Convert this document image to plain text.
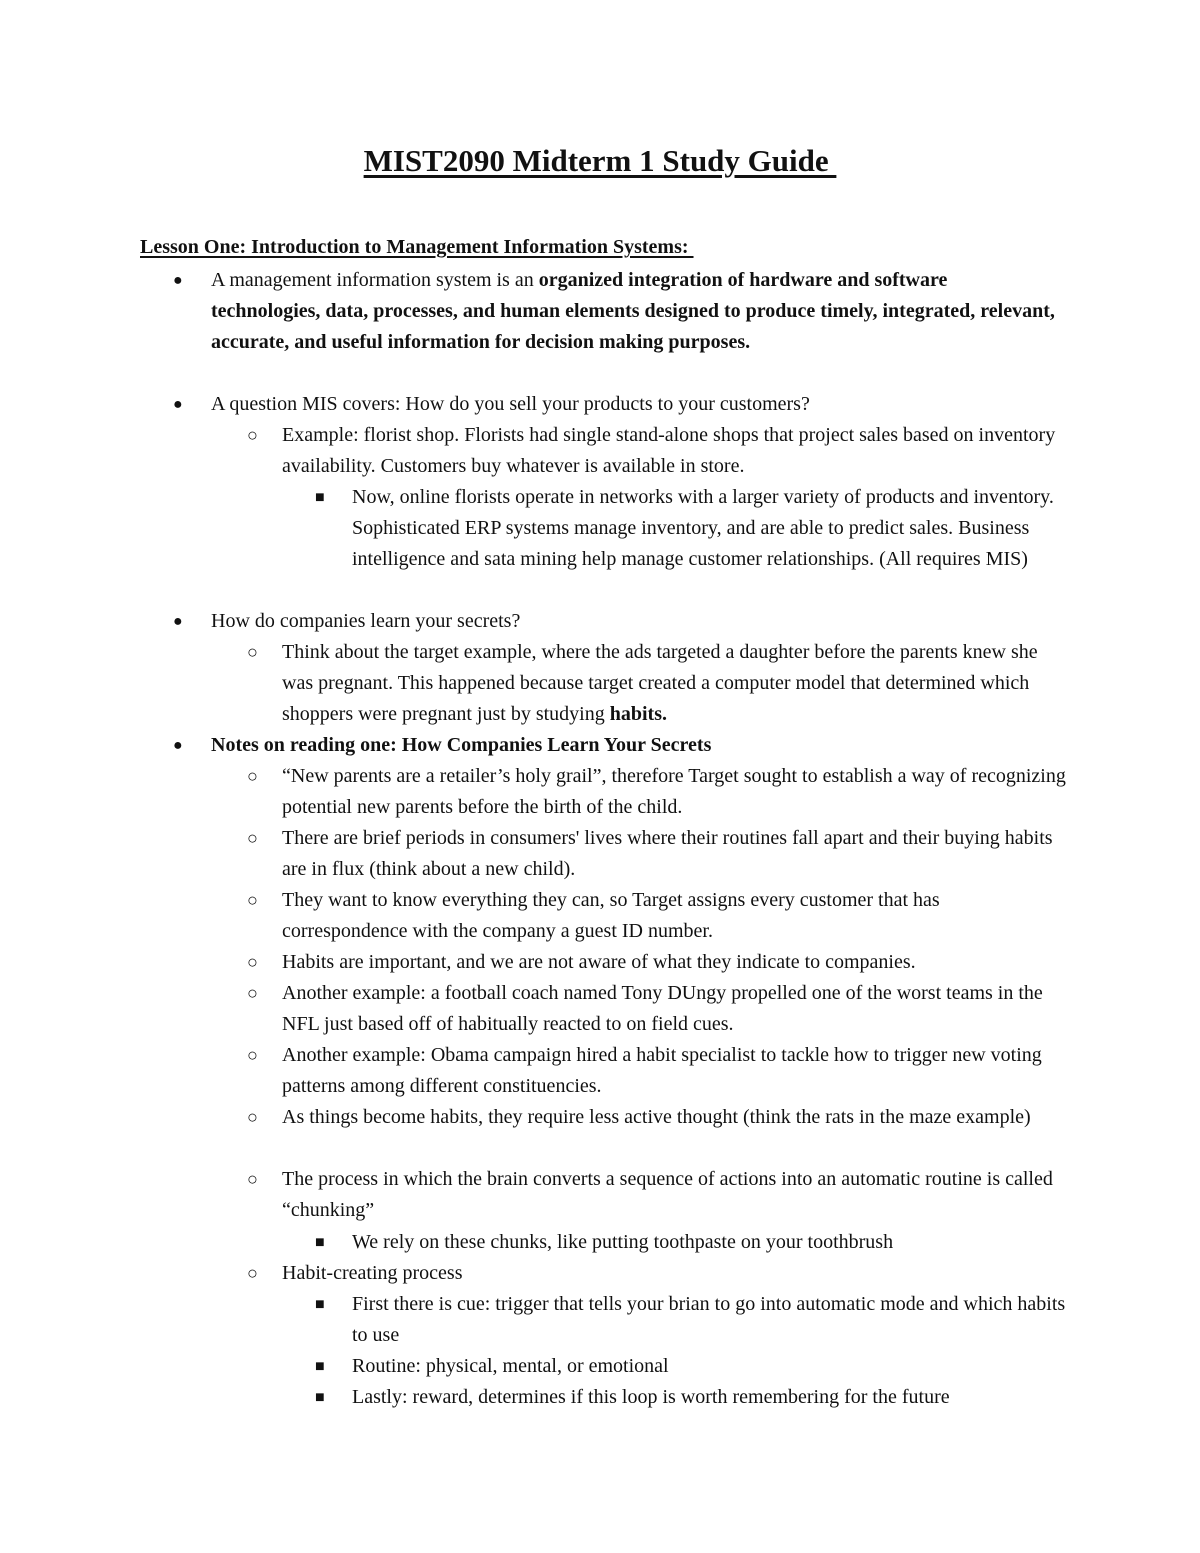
MIST2090 Midterm 1 Study Guide
Lesson One: Introduction to Management Information Systems:
● A management information system is an organized integration of hardware and software technologies, data, processes, and human elements designed to produce timely, integrated, relevant, accurate, and useful information for decision making purposes.
● A question MIS covers: How do you sell your products to your customers?
○ Example: florist shop. Florists had single stand-alone shops that project sales based on inventory availability. Customers buy whatever is available in store.
■ Now, online florists operate in networks with a larger variety of products and inventory. Sophisticated ERP systems manage inventory, and are able to predict sales. Business intelligence and sata mining help manage customer relationships. (All requires MIS)
● How do companies learn your secrets?
○ Think about the target example, where the ads targeted a daughter before the parents knew she was pregnant. This happened because target created a computer model that determined which shoppers were pregnant just by studying habits.
● Notes on reading one: How Companies Learn Your Secrets
○ “New parents are a retailer’s holy grail”, therefore Target sought to establish a way of recognizing potential new parents before the birth of the child.
○ There are brief periods in consumers' lives where their routines fall apart and their buying habits are in flux (think about a new child).
○ They want to know everything they can, so Target assigns every customer that has correspondence with the company a guest ID number.
○ Habits are important, and we are not aware of what they indicate to companies.
○ Another example: a football coach named Tony DUngy propelled one of the worst teams in the NFL just based off of habitually reacted to on field cues.
○ Another example: Obama campaign hired a habit specialist to tackle how to trigger new voting patterns among different constituencies.
○ As things become habits, they require less active thought (think the rats in the maze example)
○ The process in which the brain converts a sequence of actions into an automatic routine is called “chunking”
■ We rely on these chunks, like putting toothpaste on your toothbrush
○ Habit-creating process
■ First there is cue: trigger that tells your brian to go into automatic mode and which habits to use
■ Routine: physical, mental, or emotional
■ Lastly: reward, determines if this loop is worth remembering for the future
